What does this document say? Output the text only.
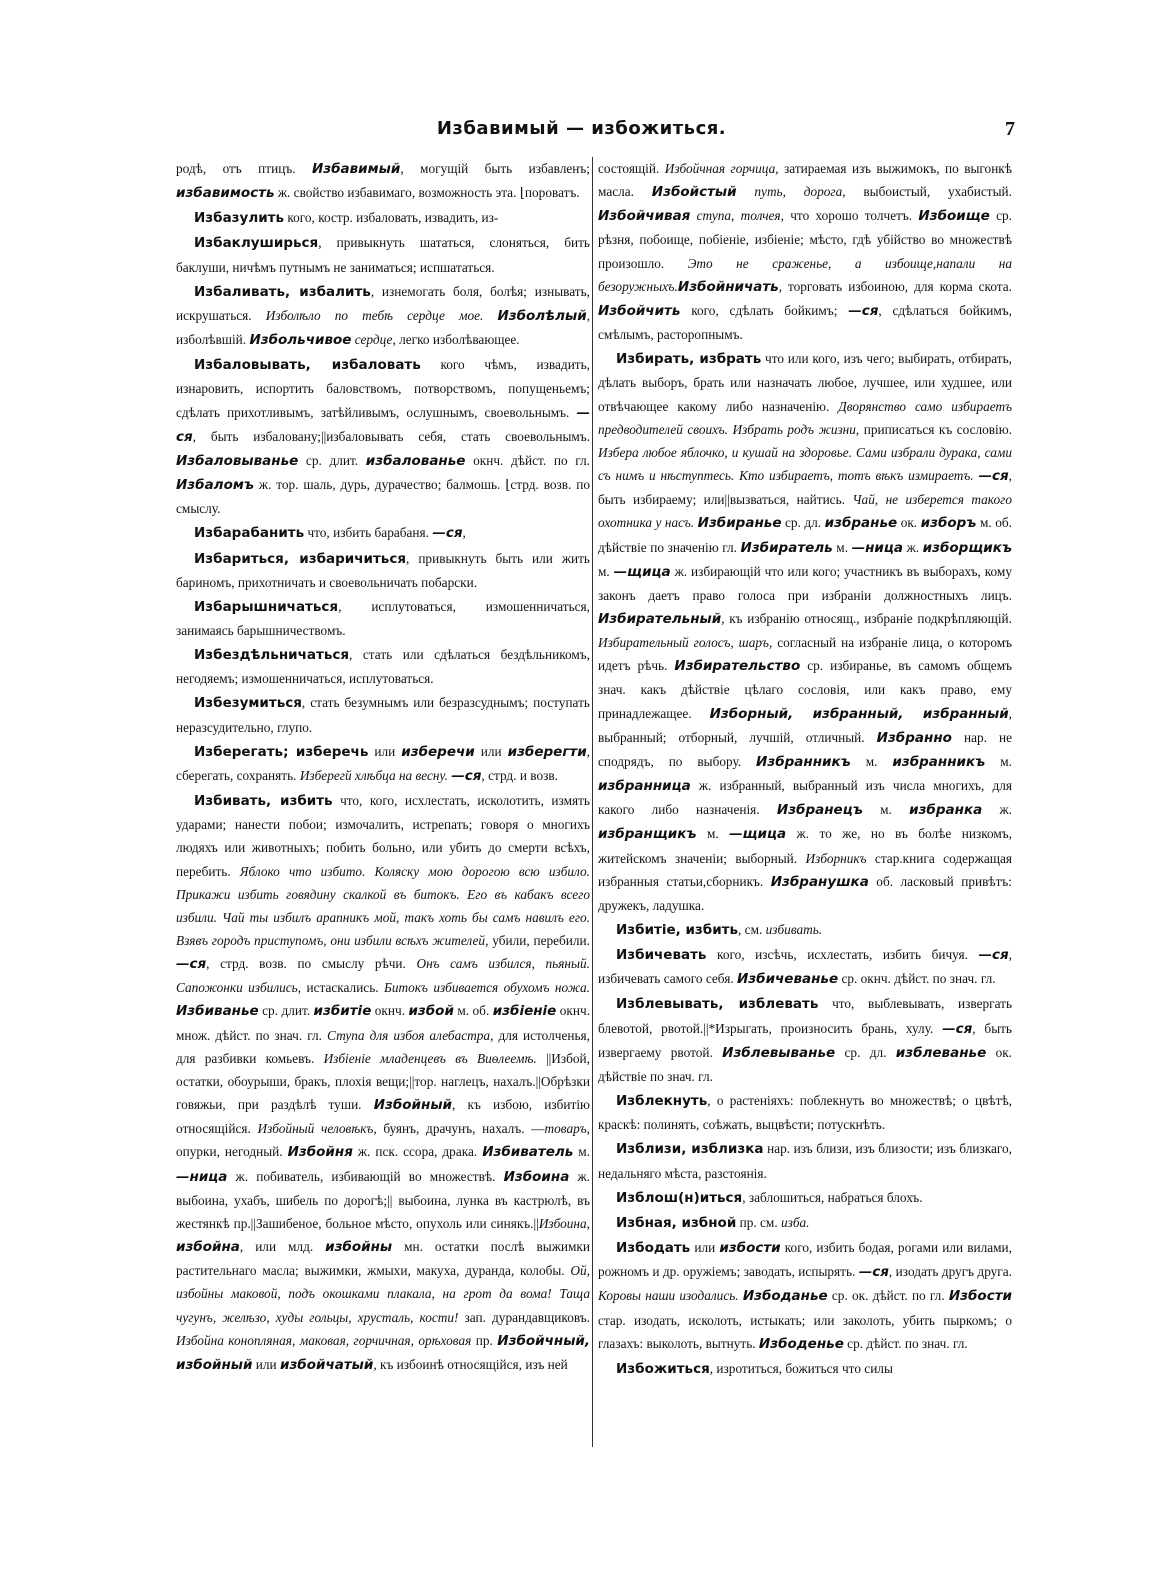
Избавимый — избожиться.	7

родѣ, отъ птицъ. Избавимый, могущій быть избавленъ; избавимость ж. свойство избавимаго, возможность эта. ⌊пороватъ.

Избазулить кого, костр. избаловать, извадить, из-

Избаклуширься, привыкнуть шататься, слоняться, бить баклуши, ничѣмъ путнымъ не заниматься; испшататься.

Избаливать, избалить, изнемогать боля, болѣя; изнывать, искрушаться. Изболѣло по тебѣ сердце мое. Изболѣлый, изболѣвшій. Избольчивое сердце, легко изболѣвающее.

Избаловывать, избаловать кого чѣмъ, извадить, изнаровить, испортить баловствомъ, потворствомъ, попущеньемъ; сдѣлать прихотливымъ, затѣйливымъ, ослушнымъ, своевольнымъ. —ся, быть избаловану;||избаловывать себя, стать своевольнымъ. Избаловыванье ср. длит. избалованье окнч. дѣйст. по гл. Избаломъ ж. тор. шаль, дурь, дурачество; балмошь. ⌊стрд. возв. по смыслу.

Избарабанить что, избить барабаня. —ся,

Избариться, избаричиться, привыкнуть быть или жить бариномъ, прихотничать и своевольничать побарски.

Избарышничаться, исплутоваться, измошенничаться, занимаясь барышничествомъ.

Избездѣльничаться, стать или сдѣлаться бездѣльникомъ, негодяемъ; измошенничаться, исплутоваться.

Избезумиться, стать безумнымъ или безразсуднымъ; поступать неразсудительно, глупо.

Изберегать; изберечь или изберечи или изберегти, сберегать, сохранять. Изберегй хлѣбца на весну. —ся, стрд. и возв.

Избивать, избить что, кого, исхлестать, исколотить, измять ударами; нанести побои; измочалить, истрепать; говоря о многихъ людяхъ или животныхъ; побить больно, или убить до смерти всѣхъ, перебить. Яблоко что избито. Коляску мою дорогою всю избило. Прикажи избить говядину скалкой въ битокъ. Его въ кабакъ всего избили. Чай ты избилъ арапникъ мой, такъ хоть бы самъ навилъ его. Взявъ городъ приступомъ, они избили всѣхъ жителей, убили, перебили. —ся, стрд. возв. по смыслу рѣчи. Онъ самъ избился, пьяный. Сапожонки избились, истаскались. Битокъ избивается обухомъ ножа. Избиванье ср. длит. избитіе окнч. избой м. об. избіеніе окнч. множ. дѣйст. по знач. гл. Ступа для избоя алебастра, для истолченья, для разбивки комьевъ. Избіеніе младенцевъ въ Виѳлеемѣ. ||Избой, остатки, обоурыши, бракъ, плохія вещи;||тор. наглецъ, нахалъ.||Обрѣзки говяжьи, при раздѣлѣ туши. Избойный, къ избою, избитію относящійся. Избойный человѣкъ, буянъ, драчунъ, нахалъ. —товаръ, опурки, негодный. Избойня ж. пск. ссора, драка. Избиватель м. —ница ж. побиватель, избивающій во множествѣ. Избоина ж. выбоина, ухабъ, шибель по дорогѣ;|| выбоина, лунка въ кастрюлѣ, въ жестянкѣ пр.||Зашибеное, больное мѣсто, опухоль или синякъ.||Избоина, избойна, или млд. избойны мн. остатки послѣ выжимки растительнаго масла; выжимки, жмыхи, макуха, дуранда, колобы. Ой, избойны маковой, подъ окошками плакала, на грот да вома! Таща чугунъ, желѣзо, худы гольцы, хрусталь, кости! зап. дурандавщиковъ. Избойна конопляная, маковая, горчичная, орѣховая пр. Избойчный, избойный или избойчатый, къ избоинѣ относящійся, изъ ней

состоящій. Избойчная горчица, затираемая изъ выжимокъ, по выгонкѣ масла. Избойстый путь, дорога, выбоистый, ухабистый. Избойчивая ступа, толчея, что хорошо толчетъ. Избоище ср. рѣзня, побоище, побіеніе, избіеніе; мѣсто, гдѣ убійство во множествѣ произошло. Это не сраженье, а избоище,напали на безоружныхъ.Избойничать, торговать избоиною, для корма скота. Избойчить кого, сдѣлать бойкимъ; —ся, сдѣлаться бойкимъ, смѣлымъ, расторопнымъ.

Избирать, избрать что или кого, изъ чего; выбирать, отбирать, дѣлать выборъ, брать или назначать любое, лучшее, или худшее, или отвѣчающее какому либо назначенію. Дворянство само избираетъ предводителей своихъ. Избрать родъ жизни, приписаться къ сословію. Избера любое яблочко, и кушай на здоровье. Сами избрали дурака, сами съ нимъ и нѣступтесь. Кто избираетъ, тотъ вѣкъ измираетъ. —ся, быть избираему; или||вызваться, найтись. Чай, не изберется такого охотника у насъ. Избиранье ср. дл. избранье ок. изборъ м. об. дѣйствіе по значенію гл. Избиратель м. —ница ж. изборщикъ м. —щица ж. избирающій что или кого; участникъ въ выборахъ, кому законъ даетъ право голоса при избраніи должностныхъ лицъ. Избирательный, къ избранію относящ., избраніе подкрѣпляющій. Избирательный голосъ, шаръ, согласный на избраніе лица, о которомъ идетъ рѣчь. Избирательство ср. избиранье, въ самомъ общемъ знач. какъ дѣйствіе цѣлаго сословія, или какъ право, ему принадлежащее. Изборный, избранный, избранный, выбранный; отборный, лучшій, отличный. Избранно нар. не сподрядъ, по выбору. Избранникъ м. избранникъ м. избранница ж. избранный, выбранный изъ числа многихъ, для какого либо назначенія. Избранецъ м. избранка ж. избранщикъ м. —щица ж. то же, но въ болѣе низкомъ, житейскомъ значеніи; выборный. Изборникъ стар.книга содержащая избранныя статьи,сборникъ. Избранушка об. ласковый привѣтъ: дружекъ, ладушка.

Избитіе, избить, см. избивать.

Избичевать кого, изсѣчь, исхлестать, избить бичуя. —ся, избичевать самого себя. Избичеванье ср. окнч. дѣйст. по знач. гл.

Изблевывать, изблевать что, выблевывать, извергать блевотой, рвотой.||*Изрыгать, произносить брань, хулу. —ся, быть извергаему рвотой. Изблевыванье ср. дл. изблеванье ок. дѣйствіе по знач. гл.

Изблекнуть, о растеніяхъ: поблекнуть во множествѣ; о цвѣтѣ, краскѣ: полинять, соѣжать, выцвѣсти; потускнѣть.

Изблизи, изблизка нар. изъ близи, изъ близости; изъ близкаго, недальняго мѣста, разстоянія.

Изблош(н)иться, заблошиться, набраться блохъ.

Избная, избной пр. см. изба.

Избодать или избости кого, избить бодая, рогами или вилами, рожномъ и др. оружіемъ; заводать, испырять. —ся, изодать другъ друга. Коровы наши изодались. Избоданье ср. ок. дѣйст. по гл. Избости стар. изодать, исколоть, истыкать; или заколоть, убить пыркомъ; о глазахъ: выколоть, вытнуть. Избоденье ср. дѣйст. по знач. гл.

Избожиться, изротиться, божиться что силы
